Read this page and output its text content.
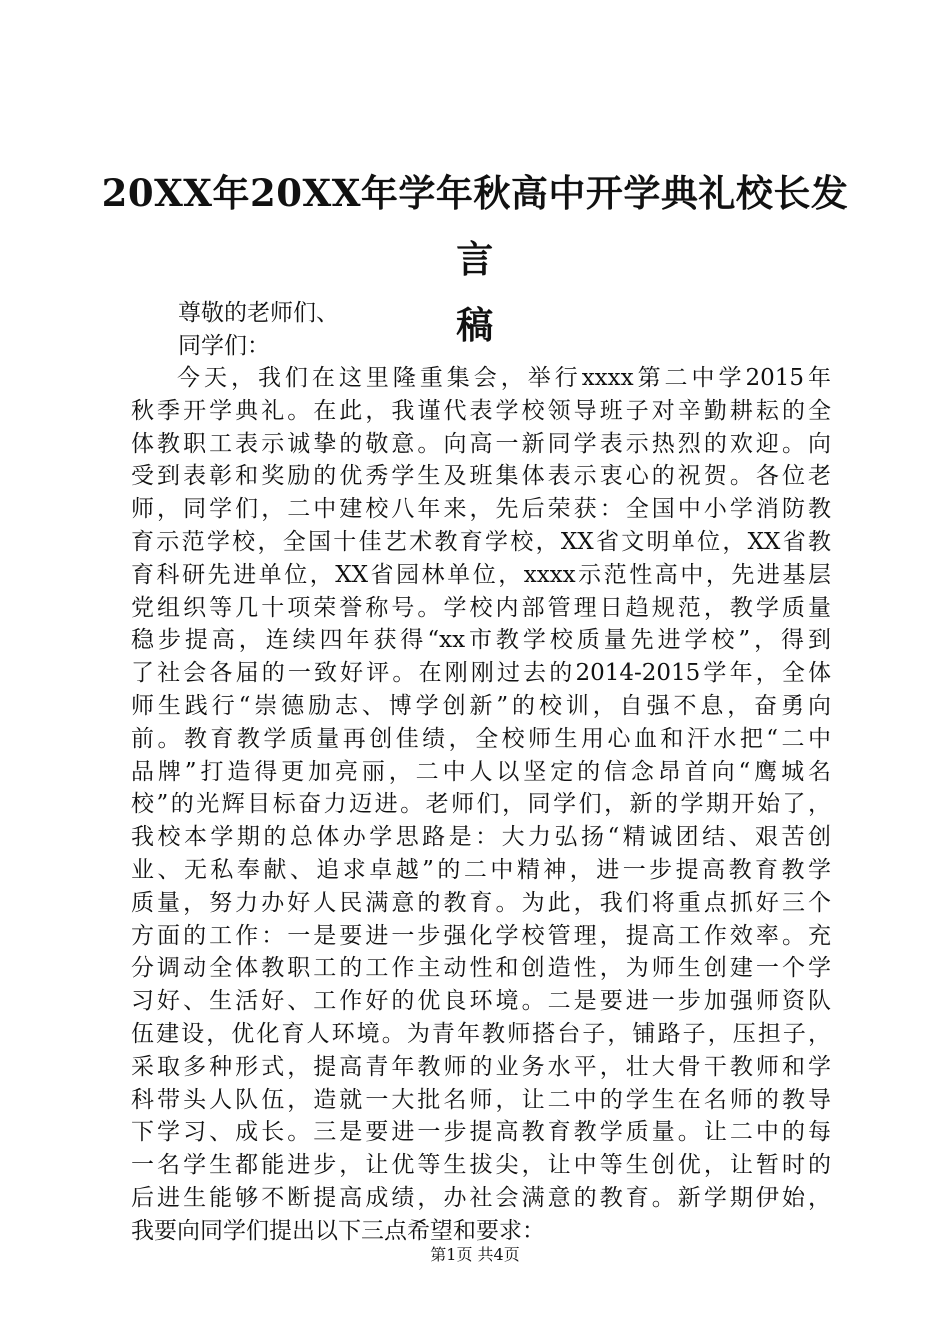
20XX年20XX年学年秋高中开学典礼校长发言
稿
尊敬的老师们、
同学们：
今天，我们在这里隆重集会，举行xxxx第二中学2015年
秋季开学典礼。在此，我谨代表学校领导班子对辛勤耕耘的全
体教职工表示诚挚的敬意。向高一新同学表示热烈的欢迎。向
受到表彰和奖励的优秀学生及班集体表示衷心的祝贺。各位老
师，同学们，二中建校八年来，先后荣获：全国中小学消防教
育示范学校，全国十佳艺术教育学校，XX省文明单位，XX省教
育科研先进单位，XX省园林单位，xxxx示范性高中，先进基层
党组织等几十项荣誉称号。学校内部管理日趋规范，教学质量
稳步提高，连续四年获得“xx市教学校质量先进学校”，得到
了社会各届的一致好评。在刚刚过去的2014-2015学年，全体
师生践行“崇德励志、博学创新”的校训，自强不息，奋勇向
前。教育教学质量再创佳绩，全校师生用心血和汗水把“二中
品牌”打造得更加亮丽，二中人以坚定的信念昂首向“鹰城名
校”的光辉目标奋力迈进。老师们，同学们，新的学期开始了，
我校本学期的总体办学思路是：大力弘扬“精诚团结、艰苦创
业、无私奉献、追求卓越”的二中精神，进一步提高教育教学
质量，努力办好人民满意的教育。为此，我们将重点抓好三个
方面的工作：一是要进一步强化学校管理，提高工作效率。充
分调动全体教职工的工作主动性和创造性，为师生创建一个学
习好、生活好、工作好的优良环境。二是要进一步加强师资队
伍建设，优化育人环境。为青年教师搭台子，铺路子，压担子，
采取多种形式，提高青年教师的业务水平，壮大骨干教师和学
科带头人队伍，造就一大批名师，让二中的学生在名师的教导
下学习、成长。三是要进一步提高教育教学质量。让二中的每
一名学生都能进步，让优等生拔尖，让中等生创优，让暂时的
后进生能够不断提高成绩，办社会满意的教育。新学期伊始，
我要向同学们提出以下三点希望和要求：
第1页 共4页
